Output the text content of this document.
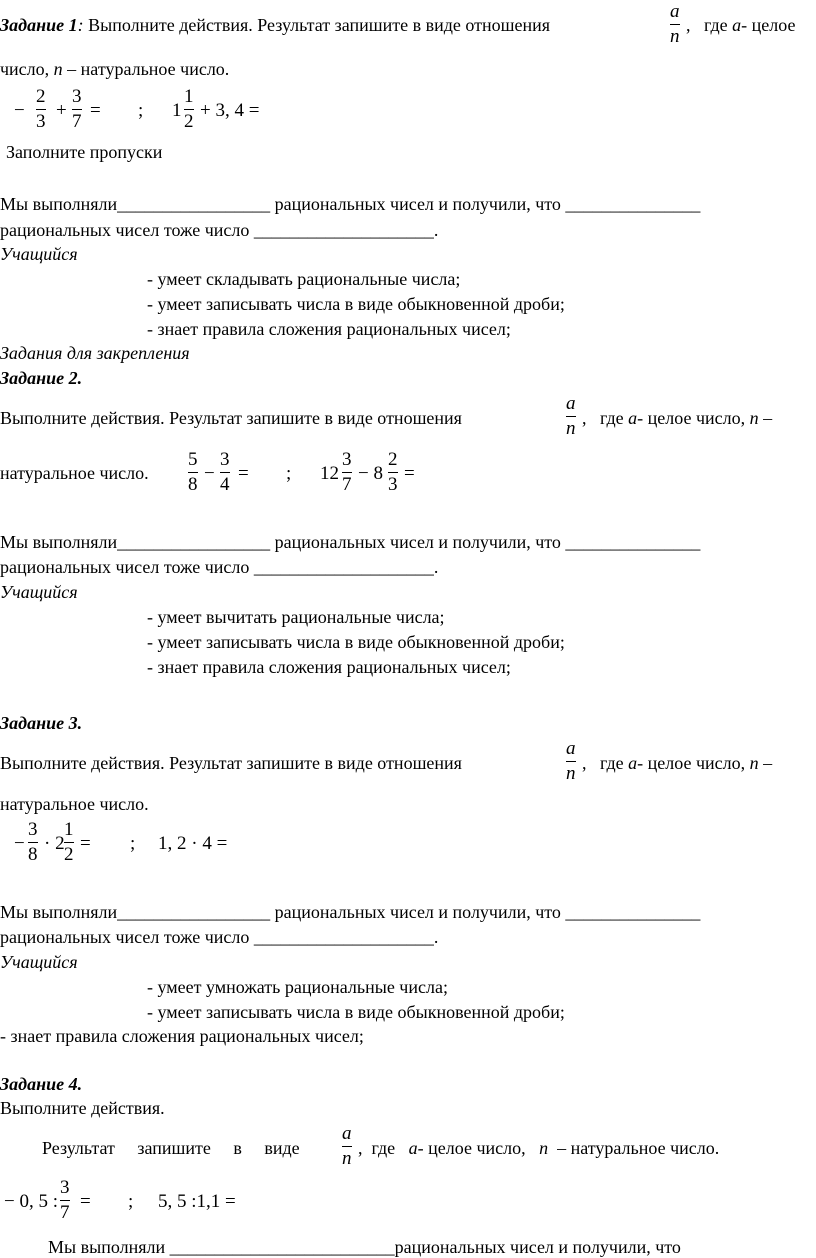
Задание 1: Выполните действия. Результат запишите в виде отношения
a
n
, где a- целое
число, n – натуральное число.
−
2
3
+
3
7
= ; 1
1
2
+ 3, 4 =
Заполните пропуски
Мы выполняли_________________ рациональных чисел и получили, что _______________
рациональных чисел тоже число ____________________.
Учащийся
- умеет складывать рациональные числа;
- умеет записывать числа в виде обыкновенной дроби;
- знает правила сложения рациональных чисел;
Задания для закрепления
Задание 2.
Выполните действия. Результат запишите в виде отношения
a
n , где a- целое число, n –
натуральное число.
5
8
−
3
4
= ; 12
3
7
− 8
2
3
=
Мы выполняли_________________ рациональных чисел и получили, что _______________
рациональных чисел тоже число ____________________.
Учащийся
- умеет вычитать рациональные числа;
- умеет записывать числа в виде обыкновенной дроби;
- знает правила сложения рациональных чисел;
Задание 3.
Выполните действия. Результат запишите в виде отношения
a
n , где a- целое число, n –
натуральное число.
−
3
8
· 2
1
2
= ; 1, 2 · 4 =
Мы выполняли_________________ рациональных чисел и получили, что _______________
рациональных чисел тоже число ____________________.
Учащийся
- умеет умножать рациональные числа;
- умеет записывать числа в виде обыкновенной дроби;
- знает правила сложения рациональных чисел;
Задание 4.
Выполните действия.
Результат запишите в виде
a
n , где a- целое число, n – натуральное число.
− 0, 5 :
3
7
= ; 5, 5 :1,1 =
Мы выполняли _________________________рациональных чисел и получили, что
